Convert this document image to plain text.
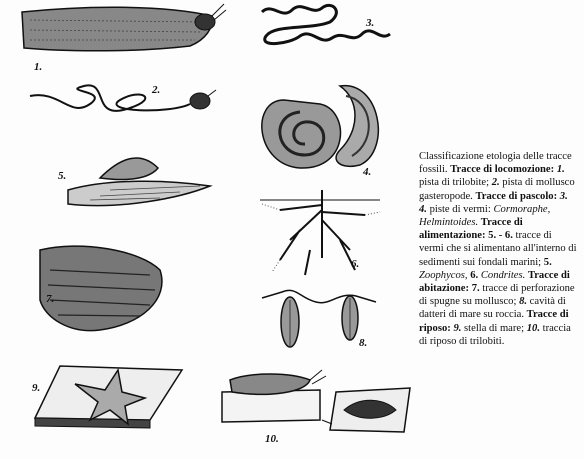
1.
2.
3.
4.
5.
6.
7.
8.
9.
10.
Classificazione etologia delle tracce fossili. Tracce di locomozione: 1. pista di trilobite; 2. pista di mollusco gasteropode. Tracce di pascolo: 3. 4. piste di vermi: Cormoraphe, Helmintoides. Tracce di alimentazione: 5. - 6. tracce di vermi che si alimentano all'interno di sedimenti sui fondali marini; 5. Zoophycos, 6. Condrites. Tracce di abitazione: 7. tracce di perforazione di spugne su mollusco; 8. cavità di datteri di mare su roccia. Tracce di riposo: 9. stella di mare; 10. traccia di riposo di trilobiti.
